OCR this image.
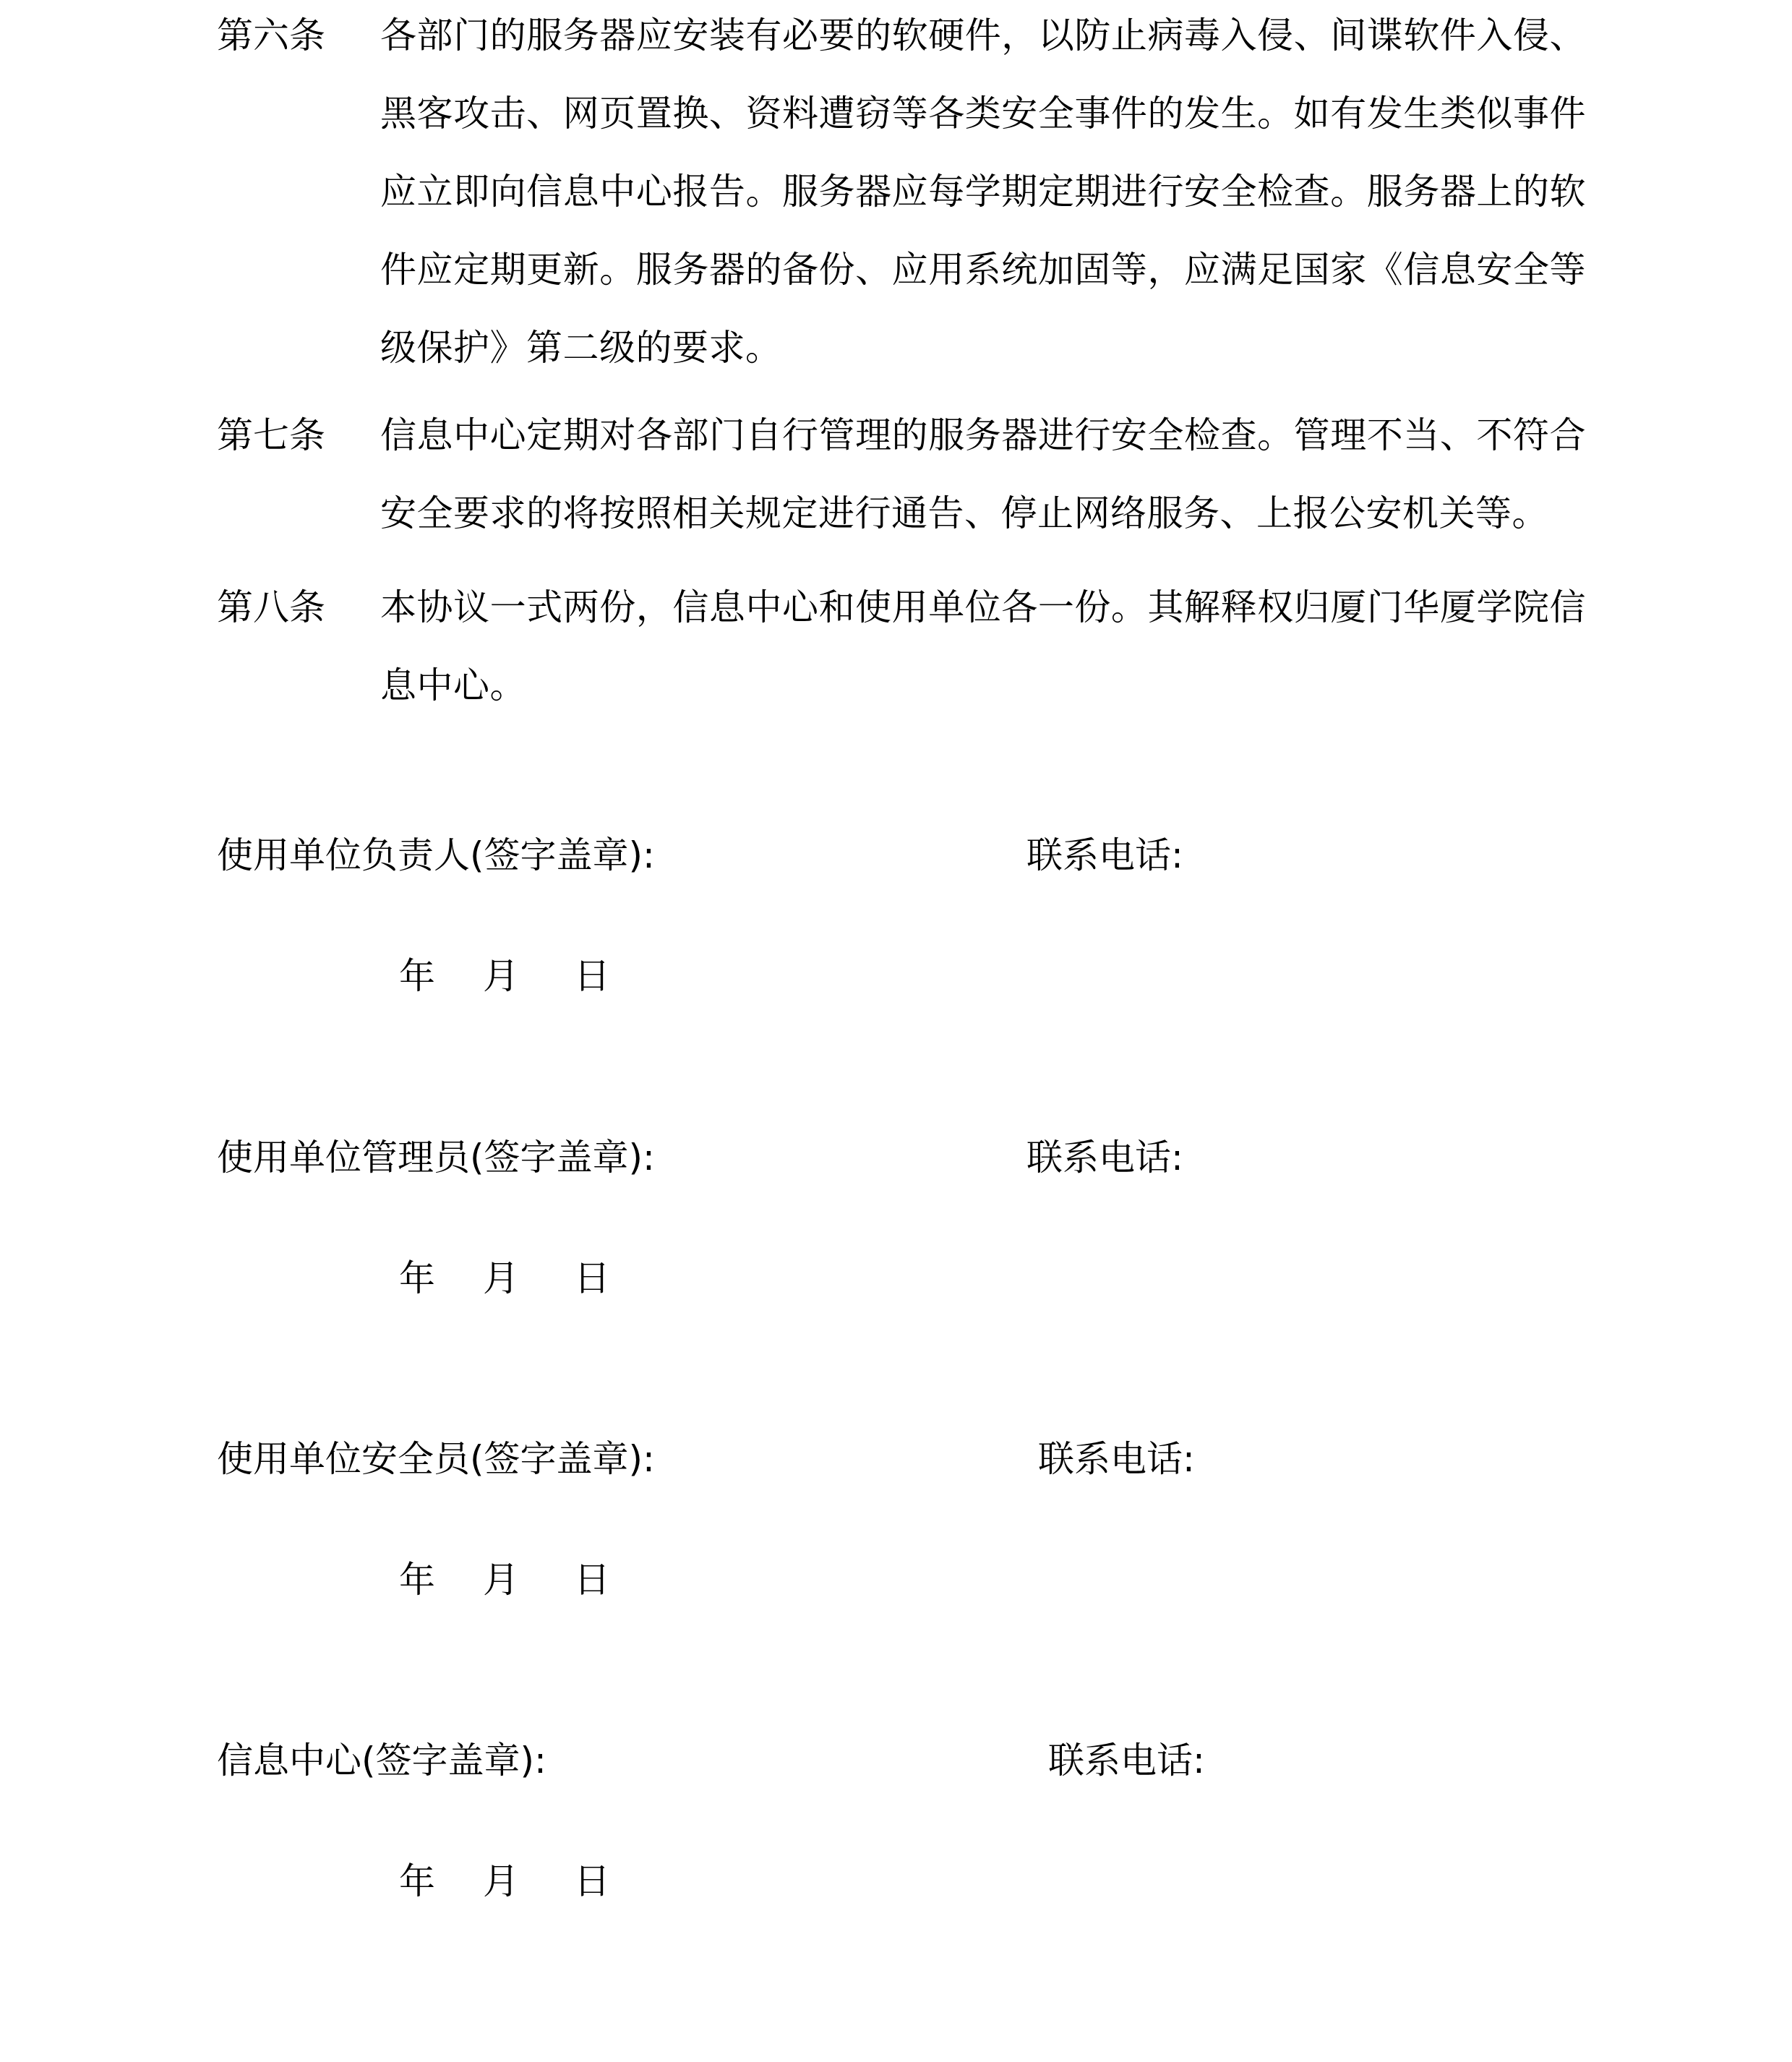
第六条 各部门的服务器应安装有必要的软硬件，以防止病毒入侵、间谍软件入侵、黑客攻击、网页置换、资料遭窃等各类安全事件的发生。如有发生类似事件应立即向信息中心报告。服务器应每学期定期进行安全检查。服务器上的软件应定期更新。服务器的备份、应用系统加固等，应满足国家《信息安全等级保护》第二级的要求。
第七条 信息中心定期对各部门自行管理的服务器进行安全检查。管理不当、不符合安全要求的将按照相关规定进行通告、停止网络服务、上报公安机关等。
第八条 本协议一式两份，信息中心和使用单位各一份。其解释权归厦门华厦学院信息中心。
使用单位负责人(签字盖章):	联系电话:
年 月 日
使用单位管理员(签字盖章):	联系电话:
年 月 日
使用单位安全员(签字盖章):	联系电话:
年 月 日
信息中心(签字盖章):	联系电话:
年 月 日
